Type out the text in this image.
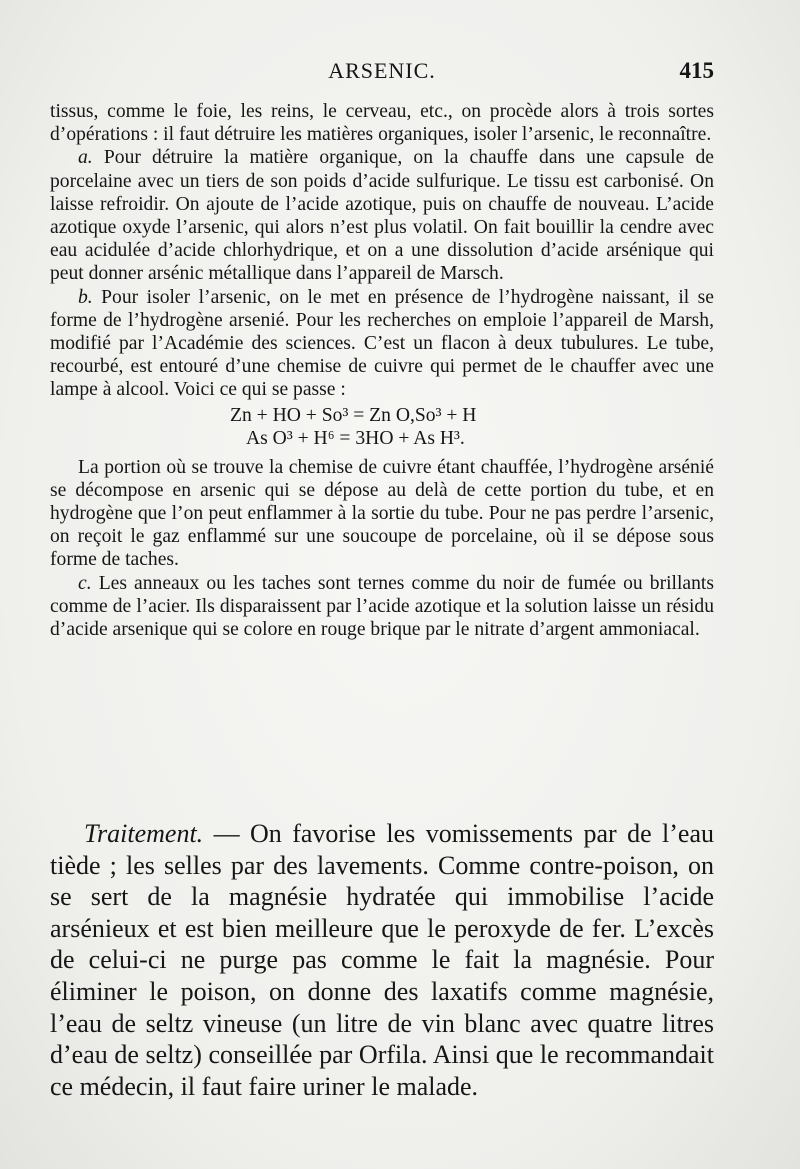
ARSENIC.	415

tissus, comme le foie, les reins, le cerveau, etc., on procède alors à trois sortes d’opérations : il faut détruire les matières organiques, isoler l’arsenic, le reconnaître.

a. Pour détruire la matière organique, on la chauffe dans une capsule de porcelaine avec un tiers de son poids d’acide sulfurique. Le tissu est carbonisé. On laisse refroidir. On ajoute de l’acide azotique, puis on chauffe de nouveau. L’acide azotique oxyde l’arsenic, qui alors n’est plus volatil. On fait bouillir la cendre avec eau acidulée d’acide chlorhydrique, et on a une dissolution d’acide arsénique qui peut donner arsénic métallique dans l’appareil de Marsch.

b. Pour isoler l’arsenic, on le met en présence de l’hydrogène naissant, il se forme de l’hydrogène arsenié. Pour les recherches on emploie l’appareil de Marsh, modifié par l’Académie des sciences. C’est un flacon à deux tubulures. Le tube, recourbé, est entouré d’une chemise de cuivre qui permet de le chauffer avec une lampe à alcool. Voici ce qui se passe :

Zn + HO + So³ = Zn O,So³ + H
As O³ + H⁶ = 3HO + As H³.

La portion où se trouve la chemise de cuivre étant chauffée, l’hydrogène arsénié se décompose en arsenic qui se dépose au delà de cette portion du tube, et en hydrogène que l’on peut enflammer à la sortie du tube. Pour ne pas perdre l’arsenic, on reçoit le gaz enflammé sur une soucoupe de porcelaine, où il se dépose sous forme de taches.

c. Les anneaux ou les taches sont ternes comme du noir de fumée ou brillants comme de l’acier. Ils disparaissent par l’acide azotique et la solution laisse un résidu d’acide arsenique qui se colore en rouge brique par le nitrate d’argent ammoniacal.

Traitement. — On favorise les vomissements par de l’eau tiède ; les selles par des lavements. Comme contre-poison, on se sert de la magnésie hydratée qui immobilise l’acide arsénieux et est bien meilleure que le peroxyde de fer. L’excès de celui-ci ne purge pas comme le fait la magnésie. Pour éliminer le poison, on donne des laxatifs comme magnésie, l’eau de seltz vineuse (un litre de vin blanc avec quatre litres d’eau de seltz) conseillée par Orfila. Ainsi que le recommandait ce médecin, il faut faire uriner le malade.
